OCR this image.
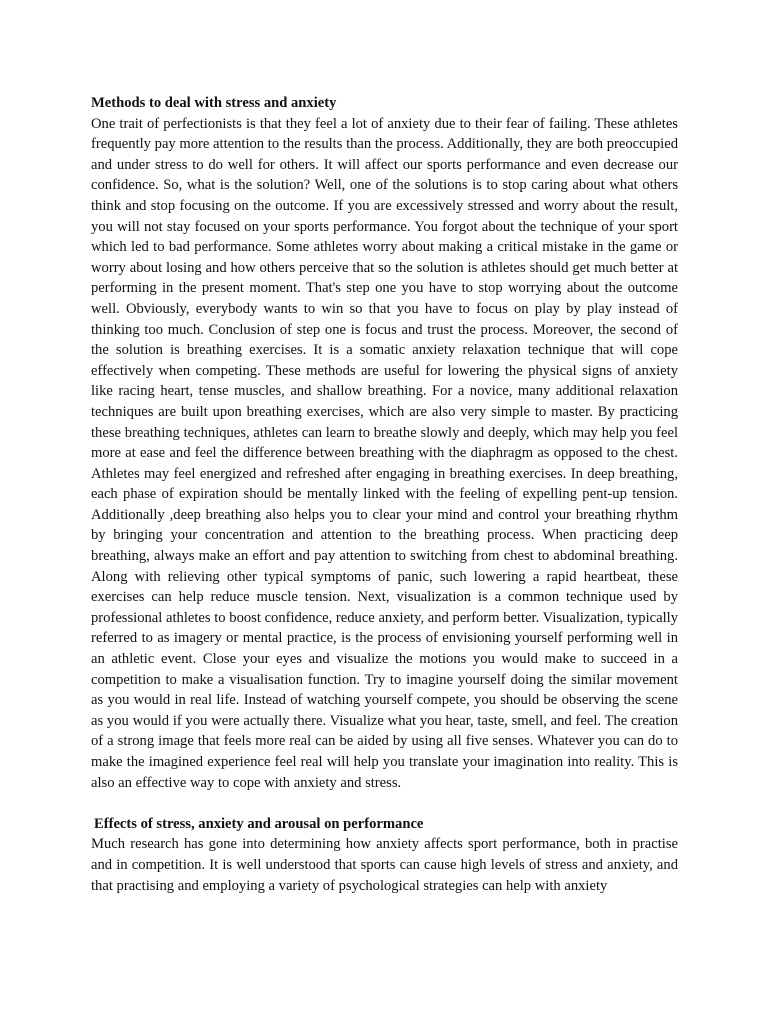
Methods to deal with stress and anxiety

One trait of perfectionists is that they feel a lot of anxiety due to their fear of failing. These athletes frequently pay more attention to the results than the process. Additionally, they are both preoccupied and under stress to do well for others. It will affect our sports performance and even decrease our confidence. So, what is the solution? Well, one of the solutions is to stop caring about what others think and stop focusing on the outcome. If you are excessively stressed and worry about the result, you will not stay focused on your sports performance. You forgot about the technique of your sport which led to bad performance. Some athletes worry about making a critical mistake in the game or worry about losing and how others perceive that so the solution is athletes should get much better at performing in the present moment. That's step one you have to stop worrying about the outcome well. Obviously, everybody wants to win so that you have to focus on play by play instead of thinking too much. Conclusion of step one is focus and trust the process. Moreover, the second of the solution is breathing exercises. It is a somatic anxiety relaxation technique that will cope effectively when competing. These methods are useful for lowering the physical signs of anxiety like racing heart, tense muscles, and shallow breathing. For a novice, many additional relaxation techniques are built upon breathing exercises, which are also very simple to master. By practicing these breathing techniques, athletes can learn to breathe slowly and deeply, which may help you feel more at ease and feel the difference between breathing with the diaphragm as opposed to the chest. Athletes may feel energized and refreshed after engaging in breathing exercises. In deep breathing, each phase of expiration should be mentally linked with the feeling of expelling pent-up tension. Additionally ,deep breathing also helps you to clear your mind and control your breathing rhythm by bringing your concentration and attention to the breathing process. When practicing deep breathing, always make an effort and pay attention to switching from chest to abdominal breathing. Along with relieving other typical symptoms of panic, such lowering a rapid heartbeat, these exercises can help reduce muscle tension. Next, visualization is a common technique used by professional athletes to boost confidence, reduce anxiety, and perform better. Visualization, typically referred to as imagery or mental practice, is the process of envisioning yourself performing well in an athletic event. Close your eyes and visualize the motions you would make to succeed in a competition to make a visualisation function. Try to imagine yourself doing the similar movement as you would in real life. Instead of watching yourself compete, you should be observing the scene as you would if you were actually there. Visualize what you hear, taste, smell, and feel. The creation of a strong image that feels more real can be aided by using all five senses. Whatever you can do to make the imagined experience feel real will help you translate your imagination into reality. This is also an effective way to cope with anxiety and stress.

Effects of stress, anxiety and arousal on performance

Much research has gone into determining how anxiety affects sport performance, both in practise and in competition. It is well understood that sports can cause high levels of stress and anxiety, and that practising and employing a variety of psychological strategies can help with anxiety
